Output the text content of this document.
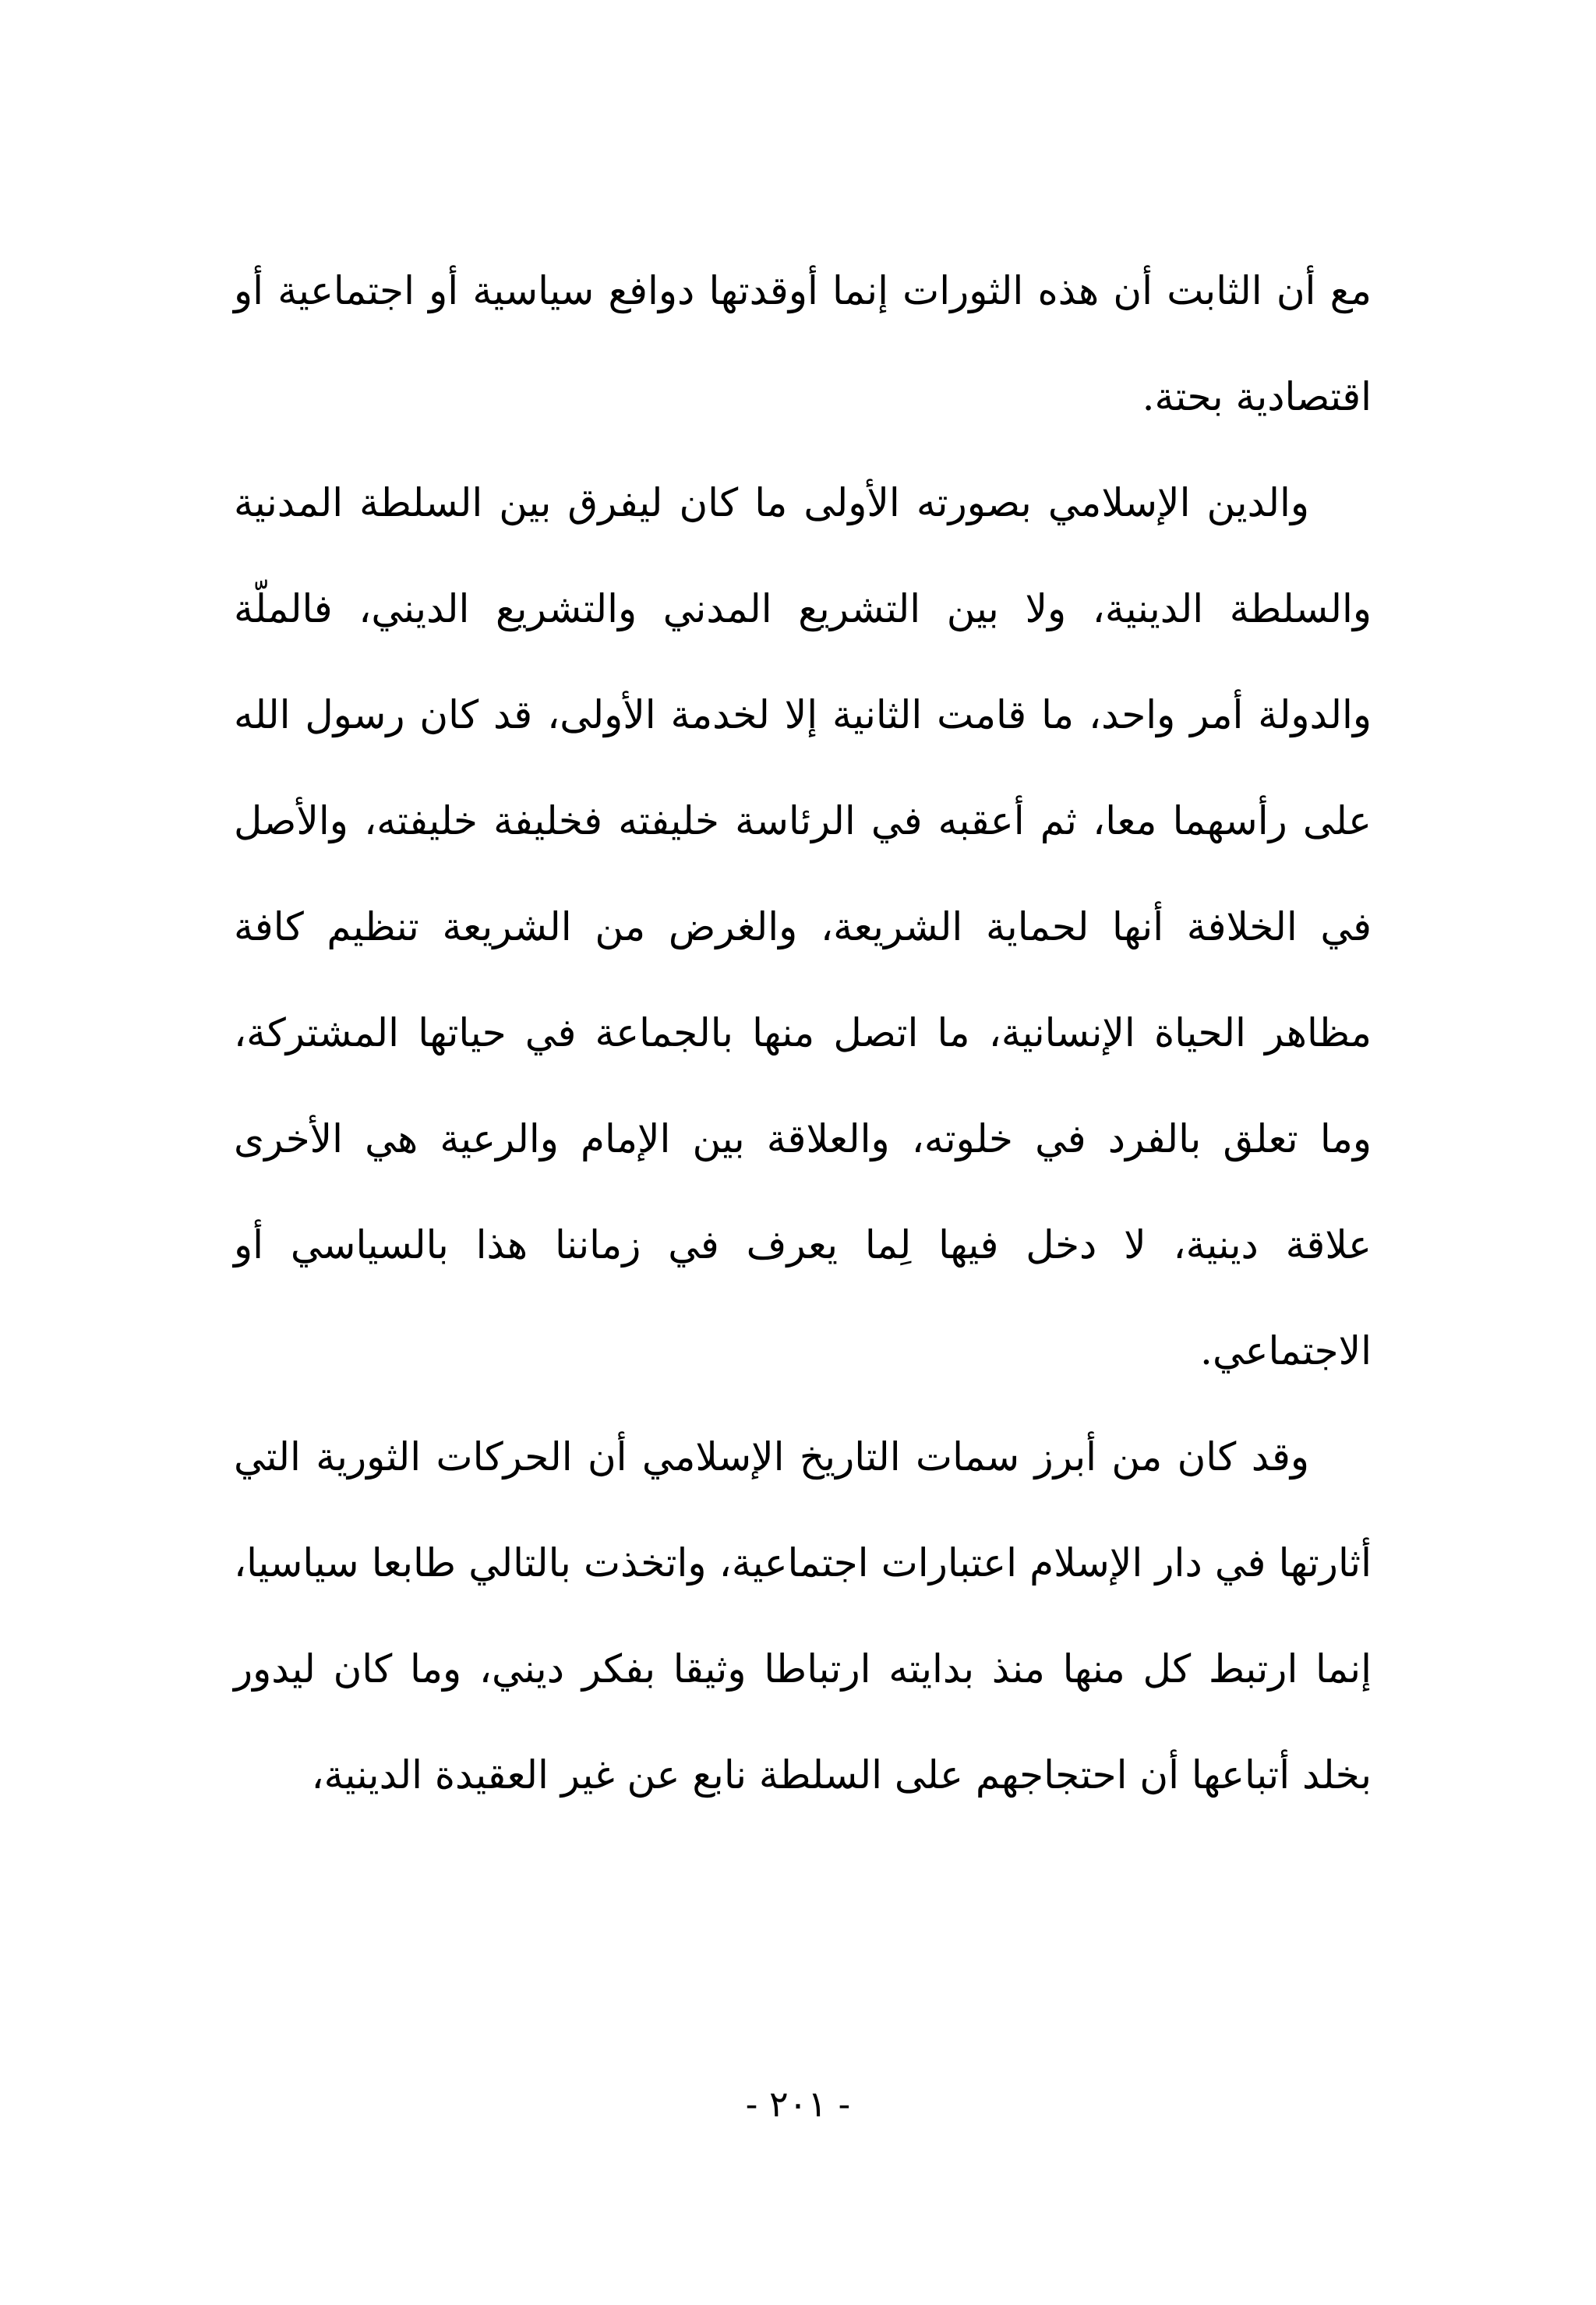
مع أن الثابت أن هذه الثورات إنما أوقدتها دوافع سياسية أو اجتماعية أو اقتصادية بحتة.

والدين الإسلامي بصورته الأولى ما كان ليفرق بين السلطة المدنية والسلطة الدينية، ولا بين التشريع المدني والتشريع الديني، فالملّة والدولة أمر واحد، ما قامت الثانية إلا لخدمة الأولى، قد كان رسول الله على رأسهما معا، ثم أعقبه في الرئاسة خليفته فخليفة خليفته، والأصل في الخلافة أنها لحماية الشريعة، والغرض من الشريعة تنظيم كافة مظاهر الحياة الإنسانية، ما اتصل منها بالجماعة في حياتها المشتركة، وما تعلق بالفرد في خلوته، والعلاقة بين الإمام والرعية هي الأخرى علاقة دينية، لا دخل فيها لِما يعرف في زماننا هذا بالسياسي أو الاجتماعي.

وقد كان من أبرز سمات التاريخ الإسلامي أن الحركات الثورية التي أثارتها في دار الإسلام اعتبارات اجتماعية، واتخذت بالتالي طابعا سياسيا، إنما ارتبط كل منها منذ بدايته ارتباطا وثيقا بفكر ديني، وما كان ليدور بخلد أتباعها أن احتجاجهم على السلطة نابع عن غير العقيدة الدينية،

- ٢٠١ -
